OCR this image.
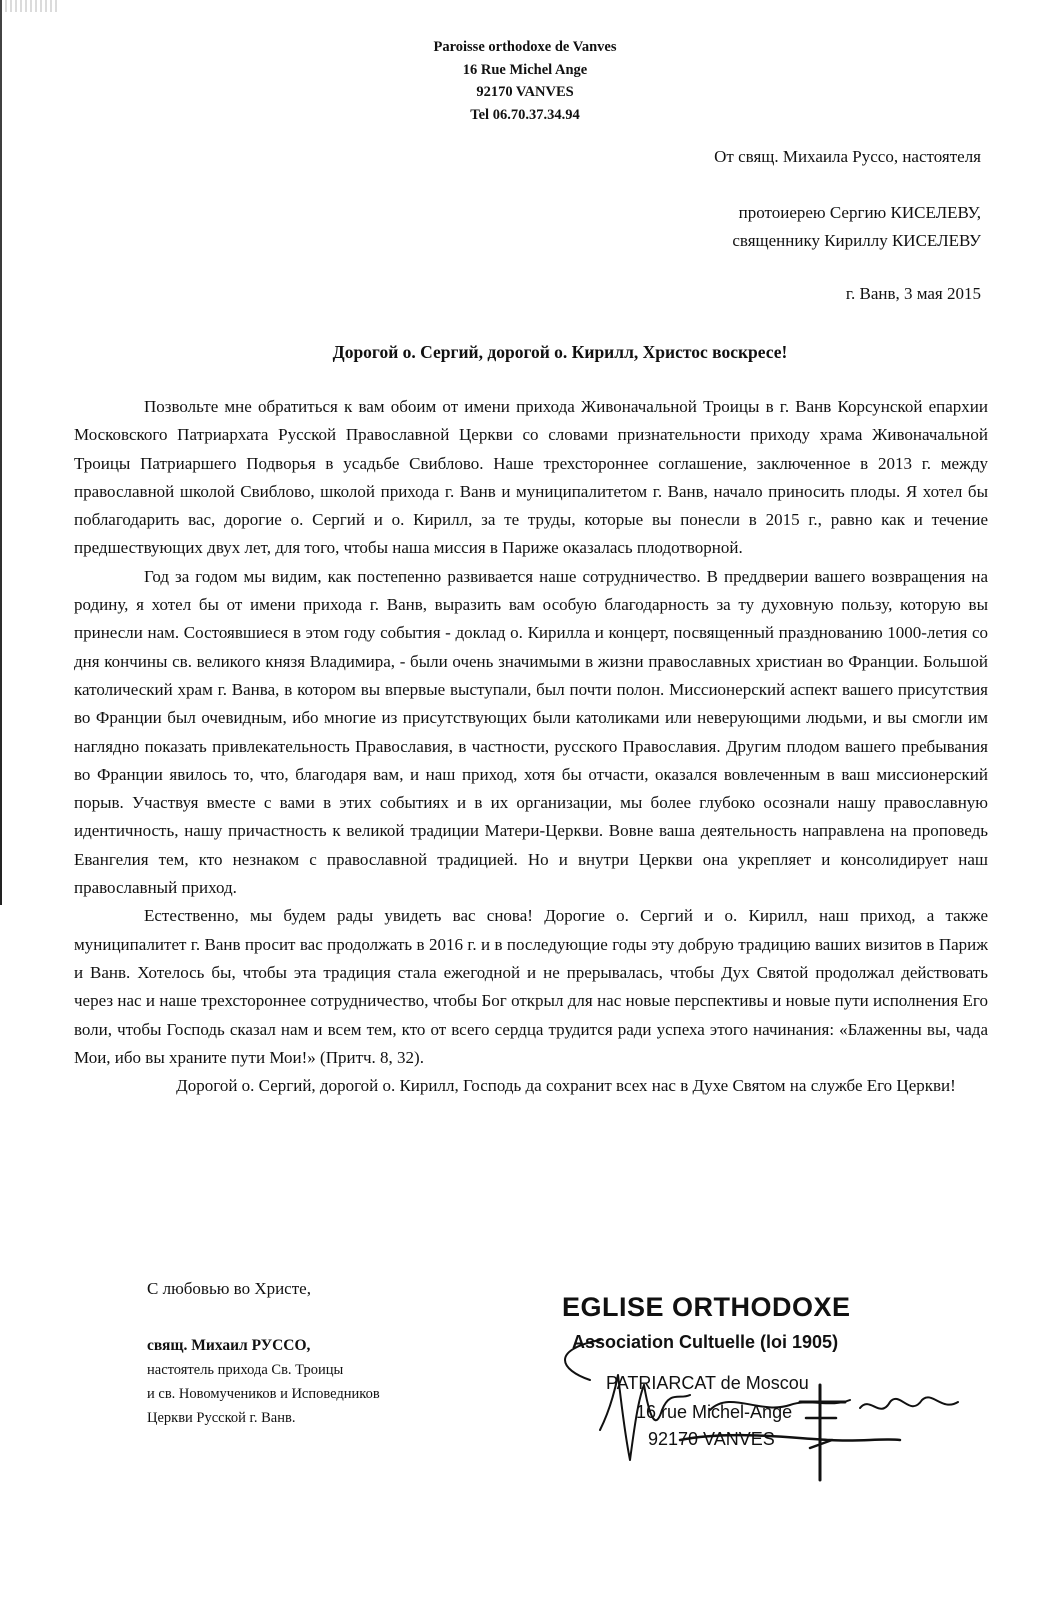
Paroisse orthodoxe de Vanves
16 Rue Michel Ange
92170 VANVES
Tel 06.70.37.34.94
От свящ. Михаила Руссо, настоятеля
протоиерею Сергию КИСЕЛЕВУ,
священнику Кириллу КИСЕЛЕВУ
г. Ванв, 3 мая 2015
Дорогой о. Сергий, дорогой о. Кирилл, Христос воскресе!

Позвольте мне обратиться к вам обоим от имени прихода Живоначальной Троицы в г. Ванв Корсунской епархии Московского Патриархата Русской Православной Церкви со словами признательности приходу храма Живоначальной Троицы Патриаршего Подворья в усадьбе Свиблово. Наше трехстороннее соглашение, заключенное в 2013 г. между православной школой Свиблово, школой прихода г. Ванв и муниципалитетом г. Ванв, начало приносить плоды. Я хотел бы поблагодарить вас, дорогие о. Сергий и о. Кирилл, за те труды, которые вы понесли в 2015 г., равно как и течение предшествующих двух лет, для того, чтобы наша миссия в Париже оказалась плодотворной.

Год за годом мы видим, как постепенно развивается наше сотрудничество. В преддверии вашего возвращения на родину, я хотел бы от имени прихода г. Ванв, выразить вам особую благодарность за ту духовную пользу, которую вы принесли нам. Состоявшиеся в этом году события - доклад о. Кирилла и концерт, посвященный празднованию 1000-летия со дня кончины св. великого князя Владимира, - были очень значимыми в жизни православных христиан во Франции. Большой католический храм г. Ванва, в котором вы впервые выступали, был почти полон. Миссионерский аспект вашего присутствия во Франции был очевидным, ибо многие из присутствующих были католиками или неверующими людьми, и вы смогли им наглядно показать привлекательность Православия, в частности, русского Православия. Другим плодом вашего пребывания во Франции явилось то, что, благодаря вам, и наш приход, хотя бы отчасти, оказался вовлеченным в ваш миссионерский порыв. Участвуя вместе с вами в этих событиях и в их организации, мы более глубоко осознали нашу православную идентичность, нашу причастность к великой традиции Матери-Церкви. Вовне ваша деятельность направлена на проповедь Евангелия тем, кто незнаком с православной традицией. Но и внутри Церкви она укрепляет и консолидирует наш православный приход.

Естественно, мы будем рады увидеть вас снова! Дорогие о. Сергий и о. Кирилл, наш приход, а также муниципалитет г. Ванв просит вас продолжать в 2016 г. и в последующие годы эту добрую традицию ваших визитов в Париж и Ванв. Хотелось бы, чтобы эта традиция стала ежегодной и не прерывалась, чтобы Дух Святой продолжал действовать через нас и наше трехстороннее сотрудничество, чтобы Бог открыл для нас новые перспективы и новые пути исполнения Его воли, чтобы Господь сказал нам и всем тем, кто от всего сердца трудится ради успеха этого начинания: «Блаженны вы, чада Мои, ибо вы храните пути Мои!» (Притч. 8, 32).

Дорогой о. Сергий, дорогой о. Кирилл, Господь да сохранит всех нас в Духе Святом на службе Его Церкви!

С любовью во Христе,
свящ. Михаил РУССО,
настоятель прихода Св. Троицы
и св. Новомучеников и Исповедников
Церкви Русской г. Ванв.
EGLISE ORTHODOXE
Association Cultuelle (loi 1905)
PATRIARCAT de Moscou
16 rue Michel-Ange
92170 VANVES
